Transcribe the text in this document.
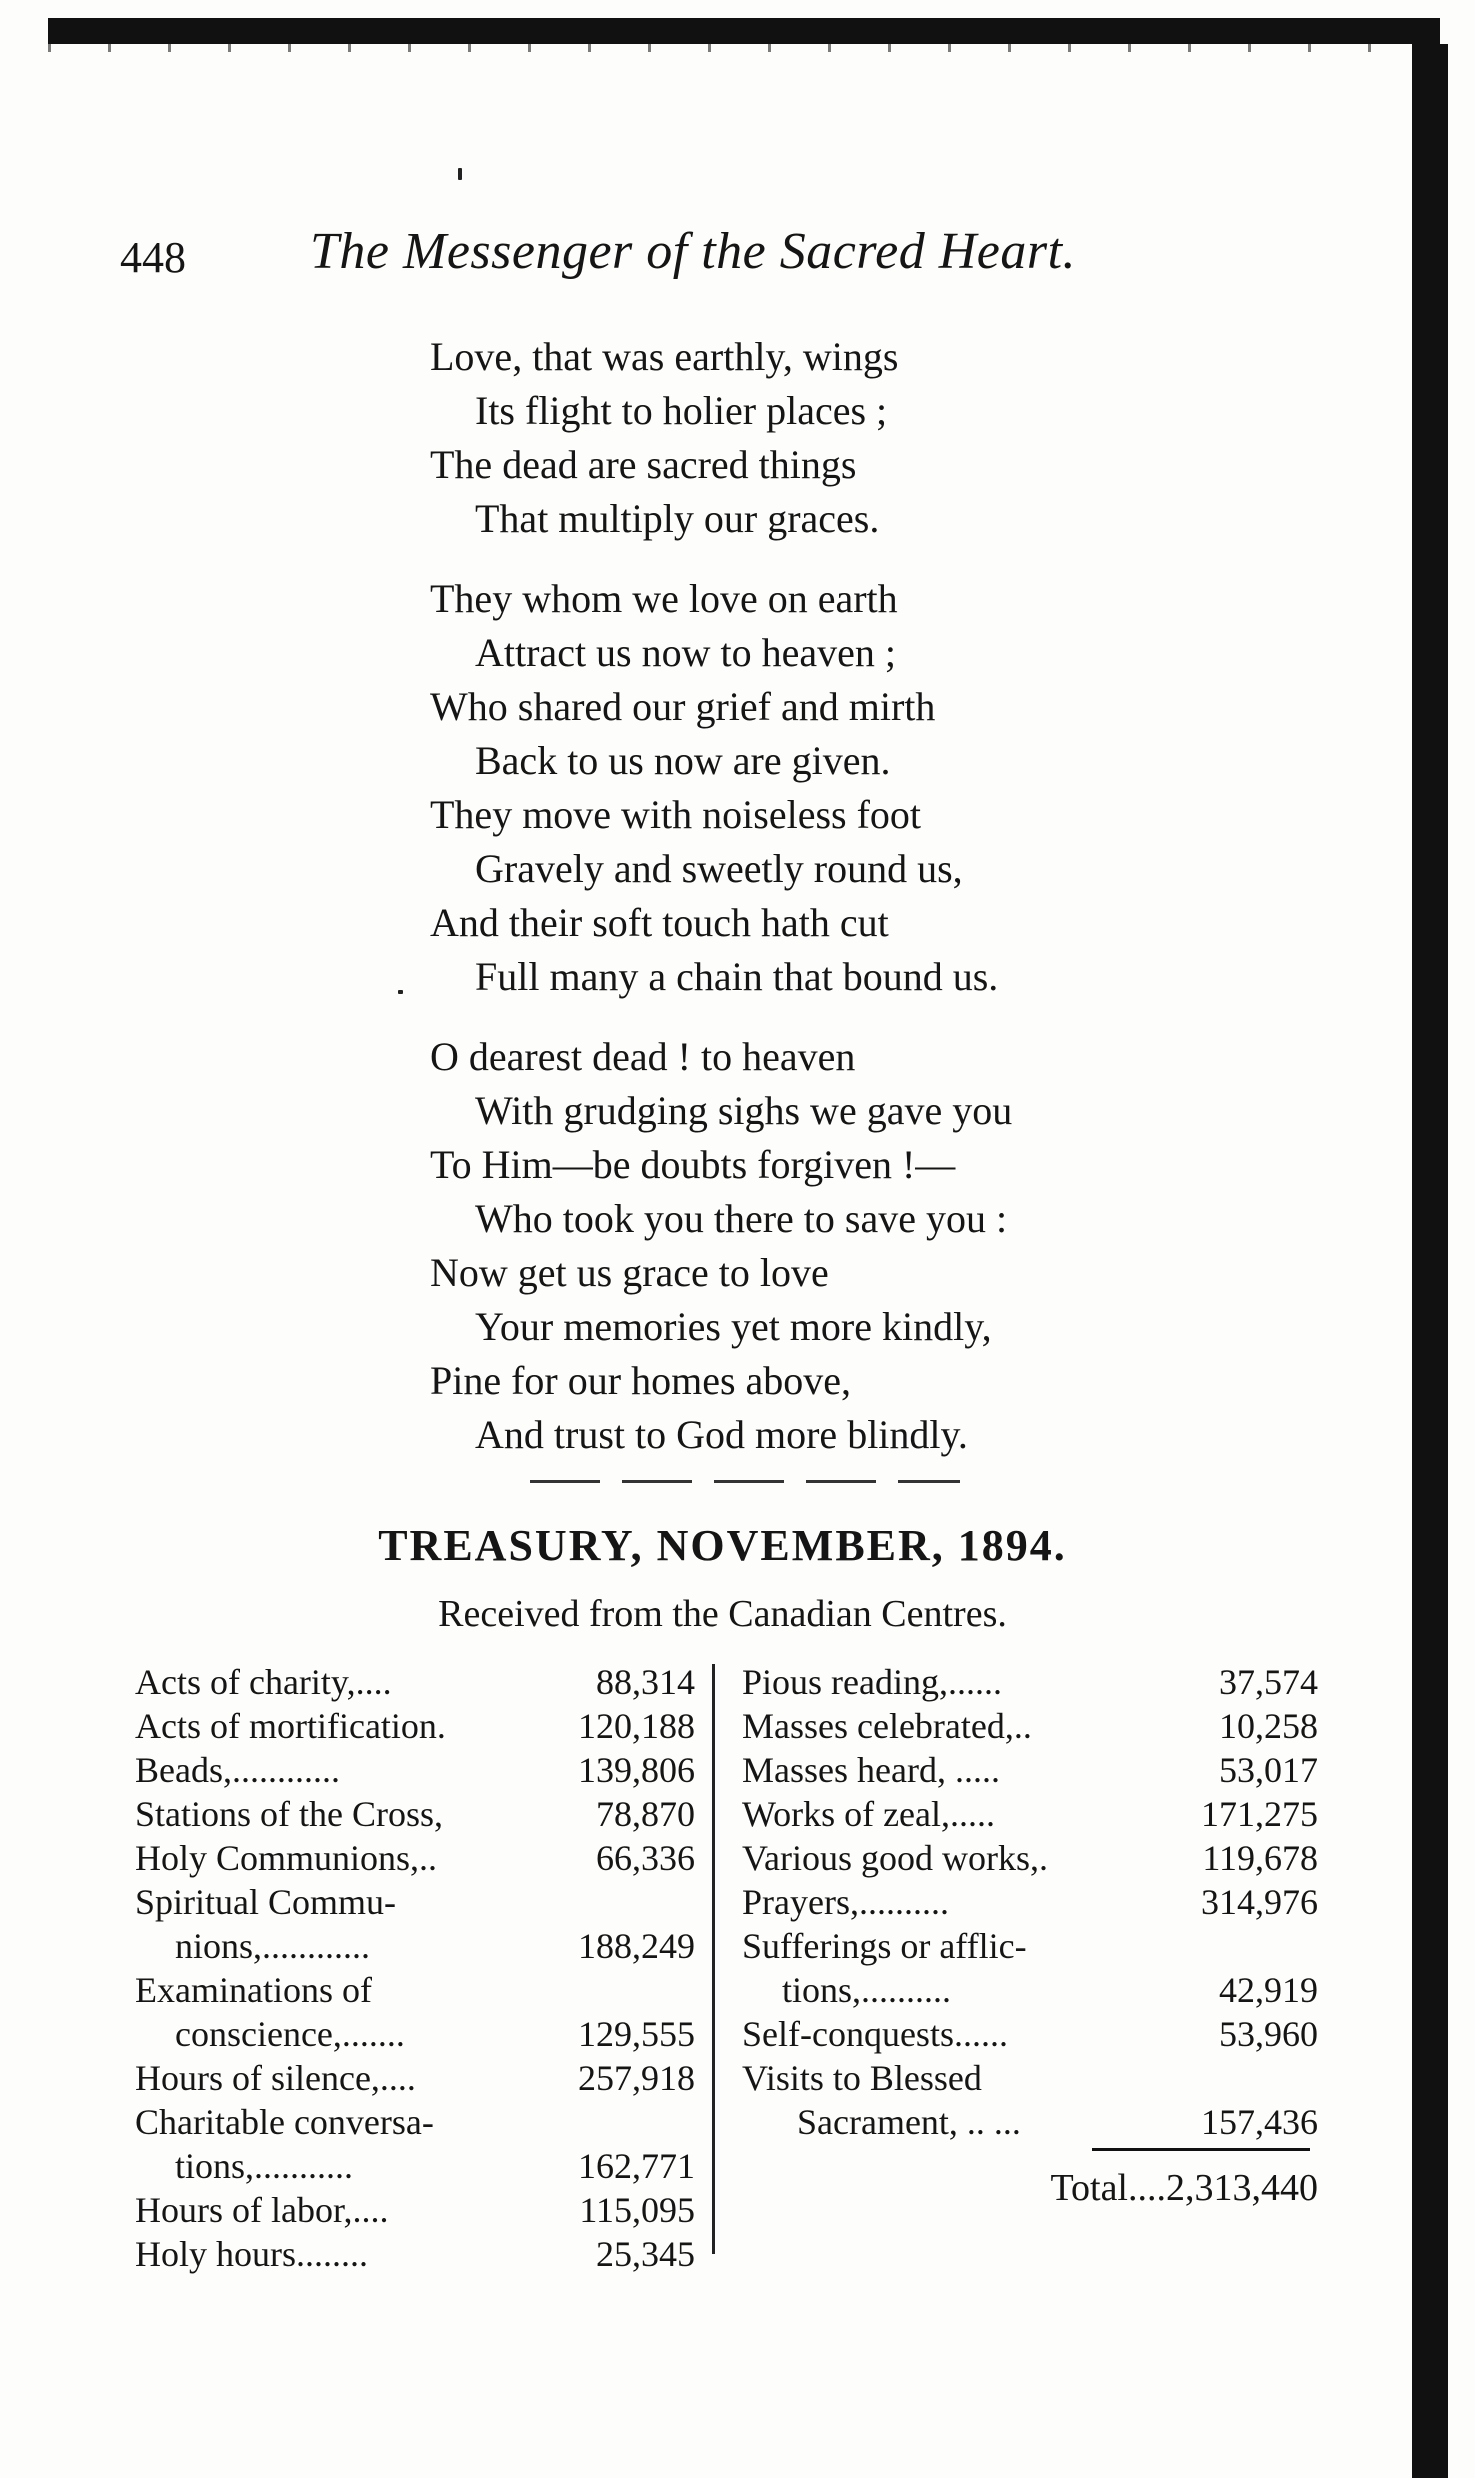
448 The Messenger of the Sacred Heart.
Love, that was earthly, wings
Its flight to holier places ;
The dead are sacred things
That multiply our graces.
They whom we love on earth
Attract us now to heaven ;
Who shared our grief and mirth
Back to us now are given.
They move with noiseless foot
Gravely and sweetly round us,
And their soft touch hath cut
Full many a chain that bound us.
O dearest dead ! to heaven
With grudging sighs we gave you
To Him—be doubts forgiven !—
Who took you there to save you :
Now get us grace to love
Your memories yet more kindly,
Pine for our homes above,
And trust to God more blindly.
TREASURY, NOVEMBER, 1894.
Received from the Canadian Centres.
Acts of charity,....	88,314
Acts of mortification.	120,188
Beads,............	139,806
Stations of the Cross,	78,870
Holy Communions,..	66,336
Spiritual Commu-
nions,............	188,249
Examinations of
conscience,.......	129,555
Hours of silence,....	257,918
Charitable conversa-
tions,...........	162,771
Hours of labor,....	115,095
Holy hours........	25,345
Pious reading,......	37,574
Masses celebrated,..	10,258
Masses heard, .....	53,017
Works of zeal,.....	171,275
Various good works,.	119,678
Prayers,..........	314,976
Sufferings or afflic-
tions,..........	42,919
Self-conquests......	53,960
Visits to Blessed
Sacrament, .. ...	157,436
Total....2,313,440
